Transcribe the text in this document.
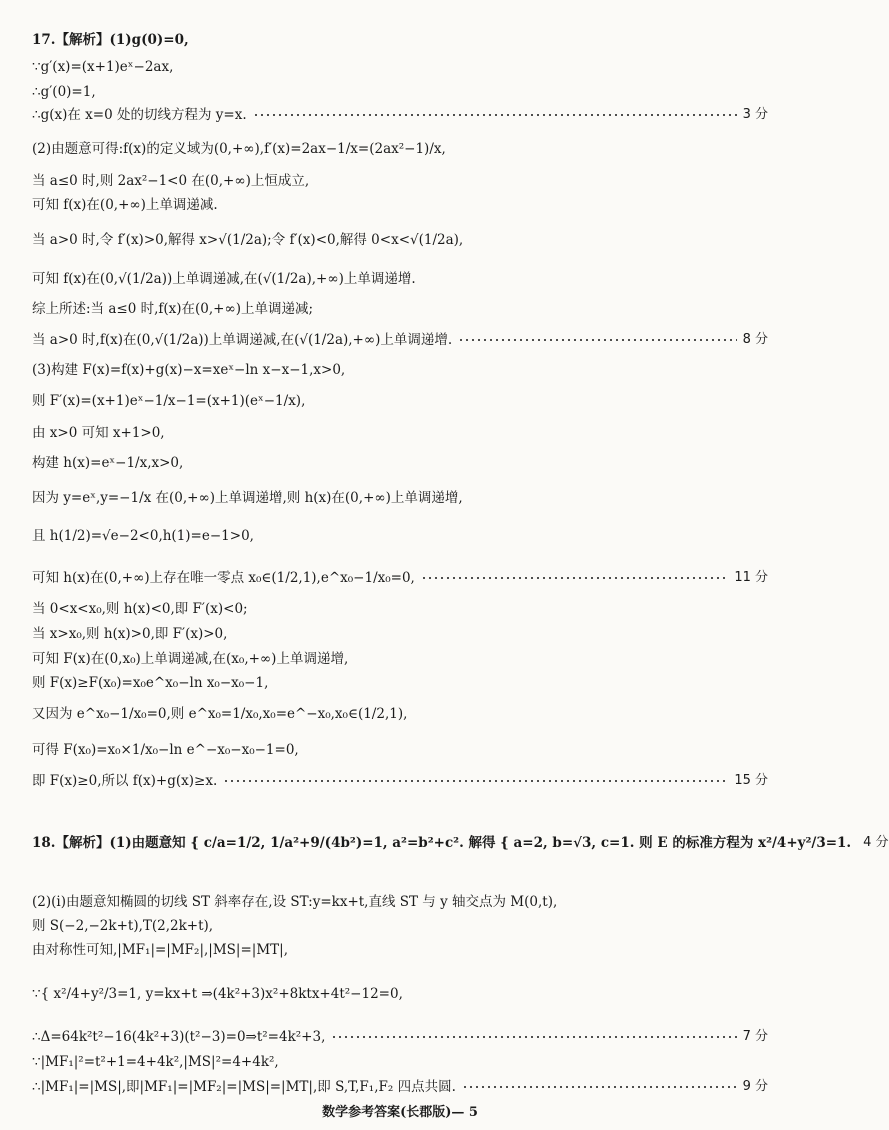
17.【解析】(1)g(0)=0,
∵g′(x)=(x+1)eˣ−2ax,
∴g′(0)=1,
∴g(x)在 x=0 处的切线方程为 y=x.	3 分
(2)由题意可得:f(x)的定义域为(0,+∞),f′(x)=2ax−1/x=(2ax²−1)/x,
当 a≤0 时,则 2ax²−1<0 在(0,+∞)上恒成立,
可知 f(x)在(0,+∞)上单调递减.
当 a>0 时,令 f′(x)>0,解得 x>√(1/2a);令 f′(x)<0,解得 0<x<√(1/2a),
可知 f(x)在(0,√(1/2a))上单调递减,在(√(1/2a),+∞)上单调递增.
综上所述:当 a≤0 时,f(x)在(0,+∞)上单调递减;
当 a>0 时,f(x)在(0,√(1/2a))上单调递减,在(√(1/2a),+∞)上单调递增.	8 分
(3)构建 F(x)=f(x)+g(x)−x=xeˣ−ln x−x−1,x>0,
则 F′(x)=(x+1)eˣ−1/x−1=(x+1)(eˣ−1/x),
由 x>0 可知 x+1>0,
构建 h(x)=eˣ−1/x,x>0,
因为 y=eˣ,y=−1/x 在(0,+∞)上单调递增,则 h(x)在(0,+∞)上单调递增,
且 h(1/2)=√e−2<0,h(1)=e−1>0,
可知 h(x)在(0,+∞)上存在唯一零点 x₀∈(1/2,1),e^x₀−1/x₀=0,	11 分
当 0<x<x₀,则 h(x)<0,即 F′(x)<0;
当 x>x₀,则 h(x)>0,即 F′(x)>0,
可知 F(x)在(0,x₀)上单调递减,在(x₀,+∞)上单调递增,
则 F(x)≥F(x₀)=x₀e^x₀−ln x₀−x₀−1,
又因为 e^x₀−1/x₀=0,则 e^x₀=1/x₀,x₀=e^−x₀,x₀∈(1/2,1),
可得 F(x₀)=x₀×1/x₀−ln e^−x₀−x₀−1=0,
即 F(x)≥0,所以 f(x)+g(x)≥x.	15 分
18.【解析】(1)由题意知 { c/a=1/2, 1/a²+9/(4b²)=1, a²=b²+c². 解得 { a=2, b=√3, c=1. 则 E 的标准方程为 x²/4+y²/3=1. 4 分
(2)(ⅰ)由题意知椭圆的切线 ST 斜率存在,设 ST:y=kx+t,直线 ST 与 y 轴交点为 M(0,t),
则 S(−2,−2k+t),T(2,2k+t),
由对称性可知,|MF₁|=|MF₂|,|MS|=|MT|,
∵{ x²/4+y²/3=1, y=kx+t ⇒(4k²+3)x²+8ktx+4t²−12=0,
∴Δ=64k²t²−16(4k²+3)(t²−3)=0⇒t²=4k²+3,	7 分
∵|MF₁|²=t²+1=4+4k²,|MS|²=4+4k²,
∴|MF₁|=|MS|,即|MF₁|=|MF₂|=|MS|=|MT|,即 S,T,F₁,F₂ 四点共圆.	9 分
数学参考答案(长郡版)— 5
